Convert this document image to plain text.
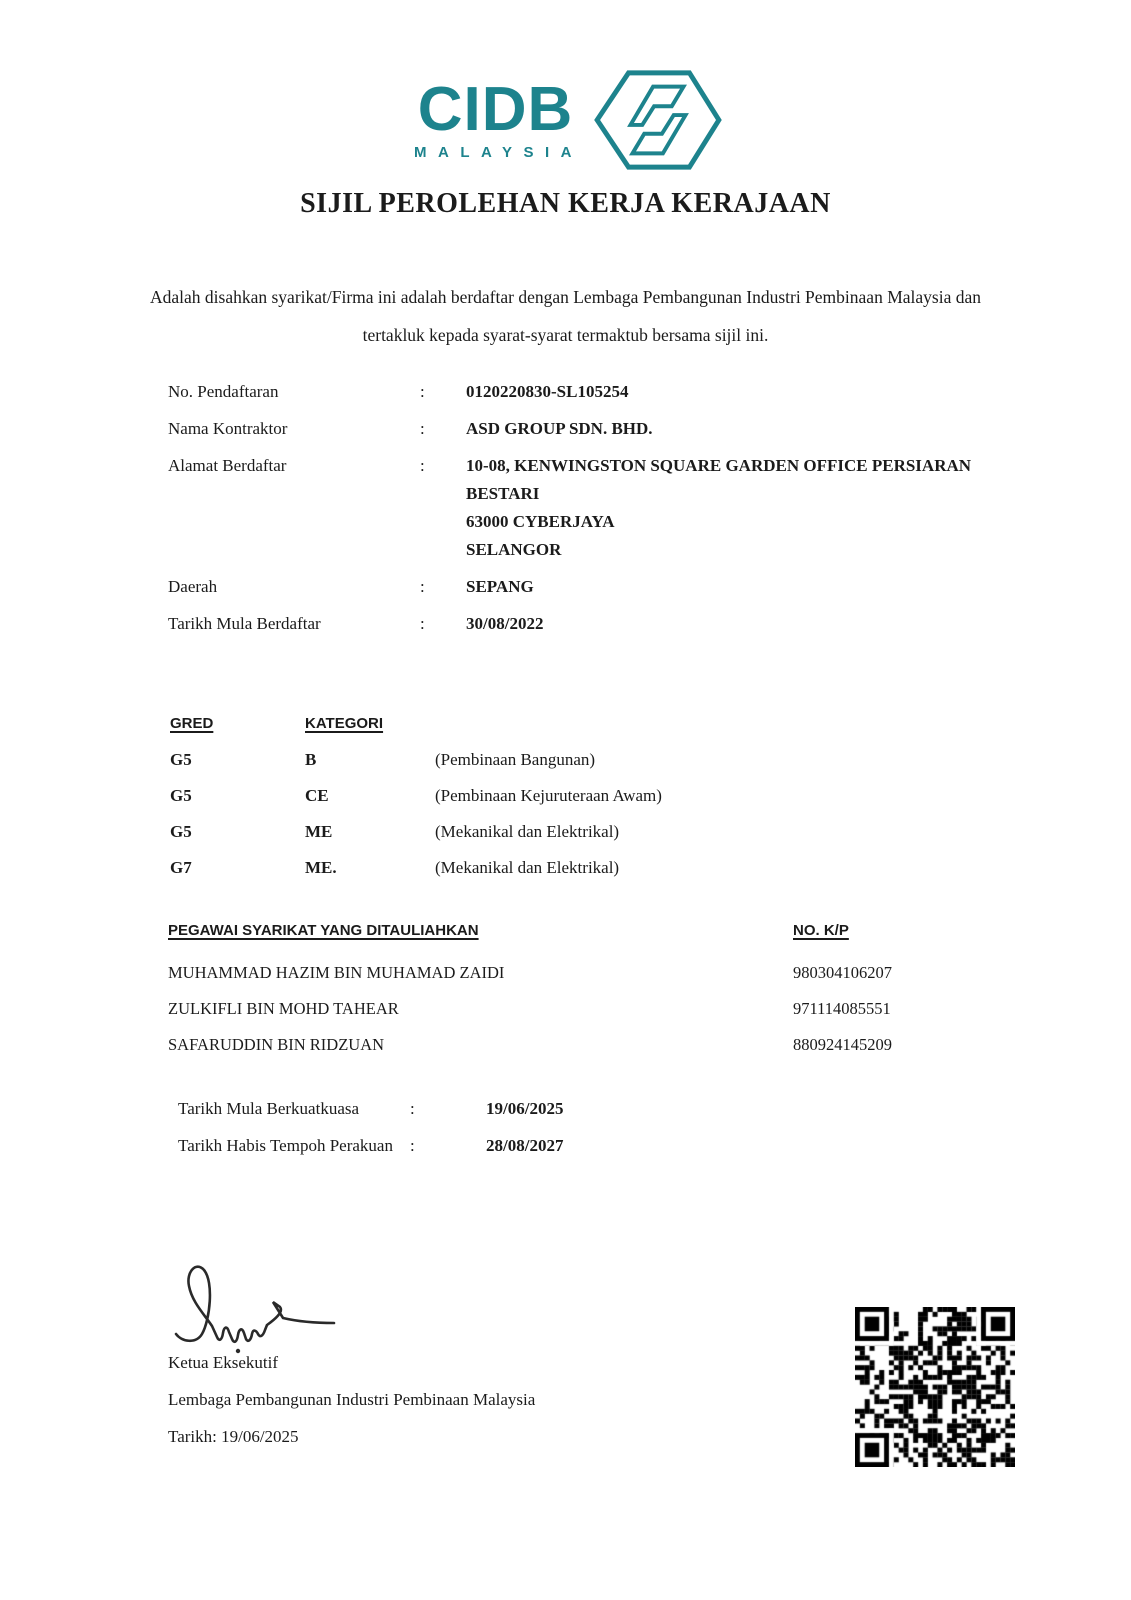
CIDB
MALAYSIA
SIJIL PEROLEHAN KERJA KERAJAAN
Adalah disahkan syarikat/Firma ini adalah berdaftar dengan Lembaga Pembangunan Industri Pembinaan Malaysia dan tertakluk kepada syarat-syarat termaktub bersama sijil ini.
No. Pendaftaran	:	0120220830-SL105254
Nama Kontraktor	:	ASD GROUP SDN. BHD.
Alamat Berdaftar	:	10-08, KENWINGSTON SQUARE GARDEN OFFICE PERSIARAN BESTARI
63000 CYBERJAYA
SELANGOR
Daerah	:	SEPANG
Tarikh Mula Berdaftar	:	30/08/2022
GRED	KATEGORI
G5	B	(Pembinaan Bangunan)
G5	CE	(Pembinaan Kejuruteraan Awam)
G5	ME	(Mekanikal dan Elektrikal)
G7	ME.	(Mekanikal dan Elektrikal)
PEGAWAI SYARIKAT YANG DITAULIAHKAN	NO. K/P
MUHAMMAD HAZIM BIN MUHAMAD ZAIDI	980304106207
ZULKIFLI BIN MOHD TAHEAR	971114085551
SAFARUDDIN BIN RIDZUAN	880924145209
Tarikh Mula Berkuatkuasa	:	19/06/2025
Tarikh Habis Tempoh Perakuan	:	28/08/2027
Ketua Eksekutif
Lembaga Pembangunan Industri Pembinaan Malaysia
Tarikh: 19/06/2025
